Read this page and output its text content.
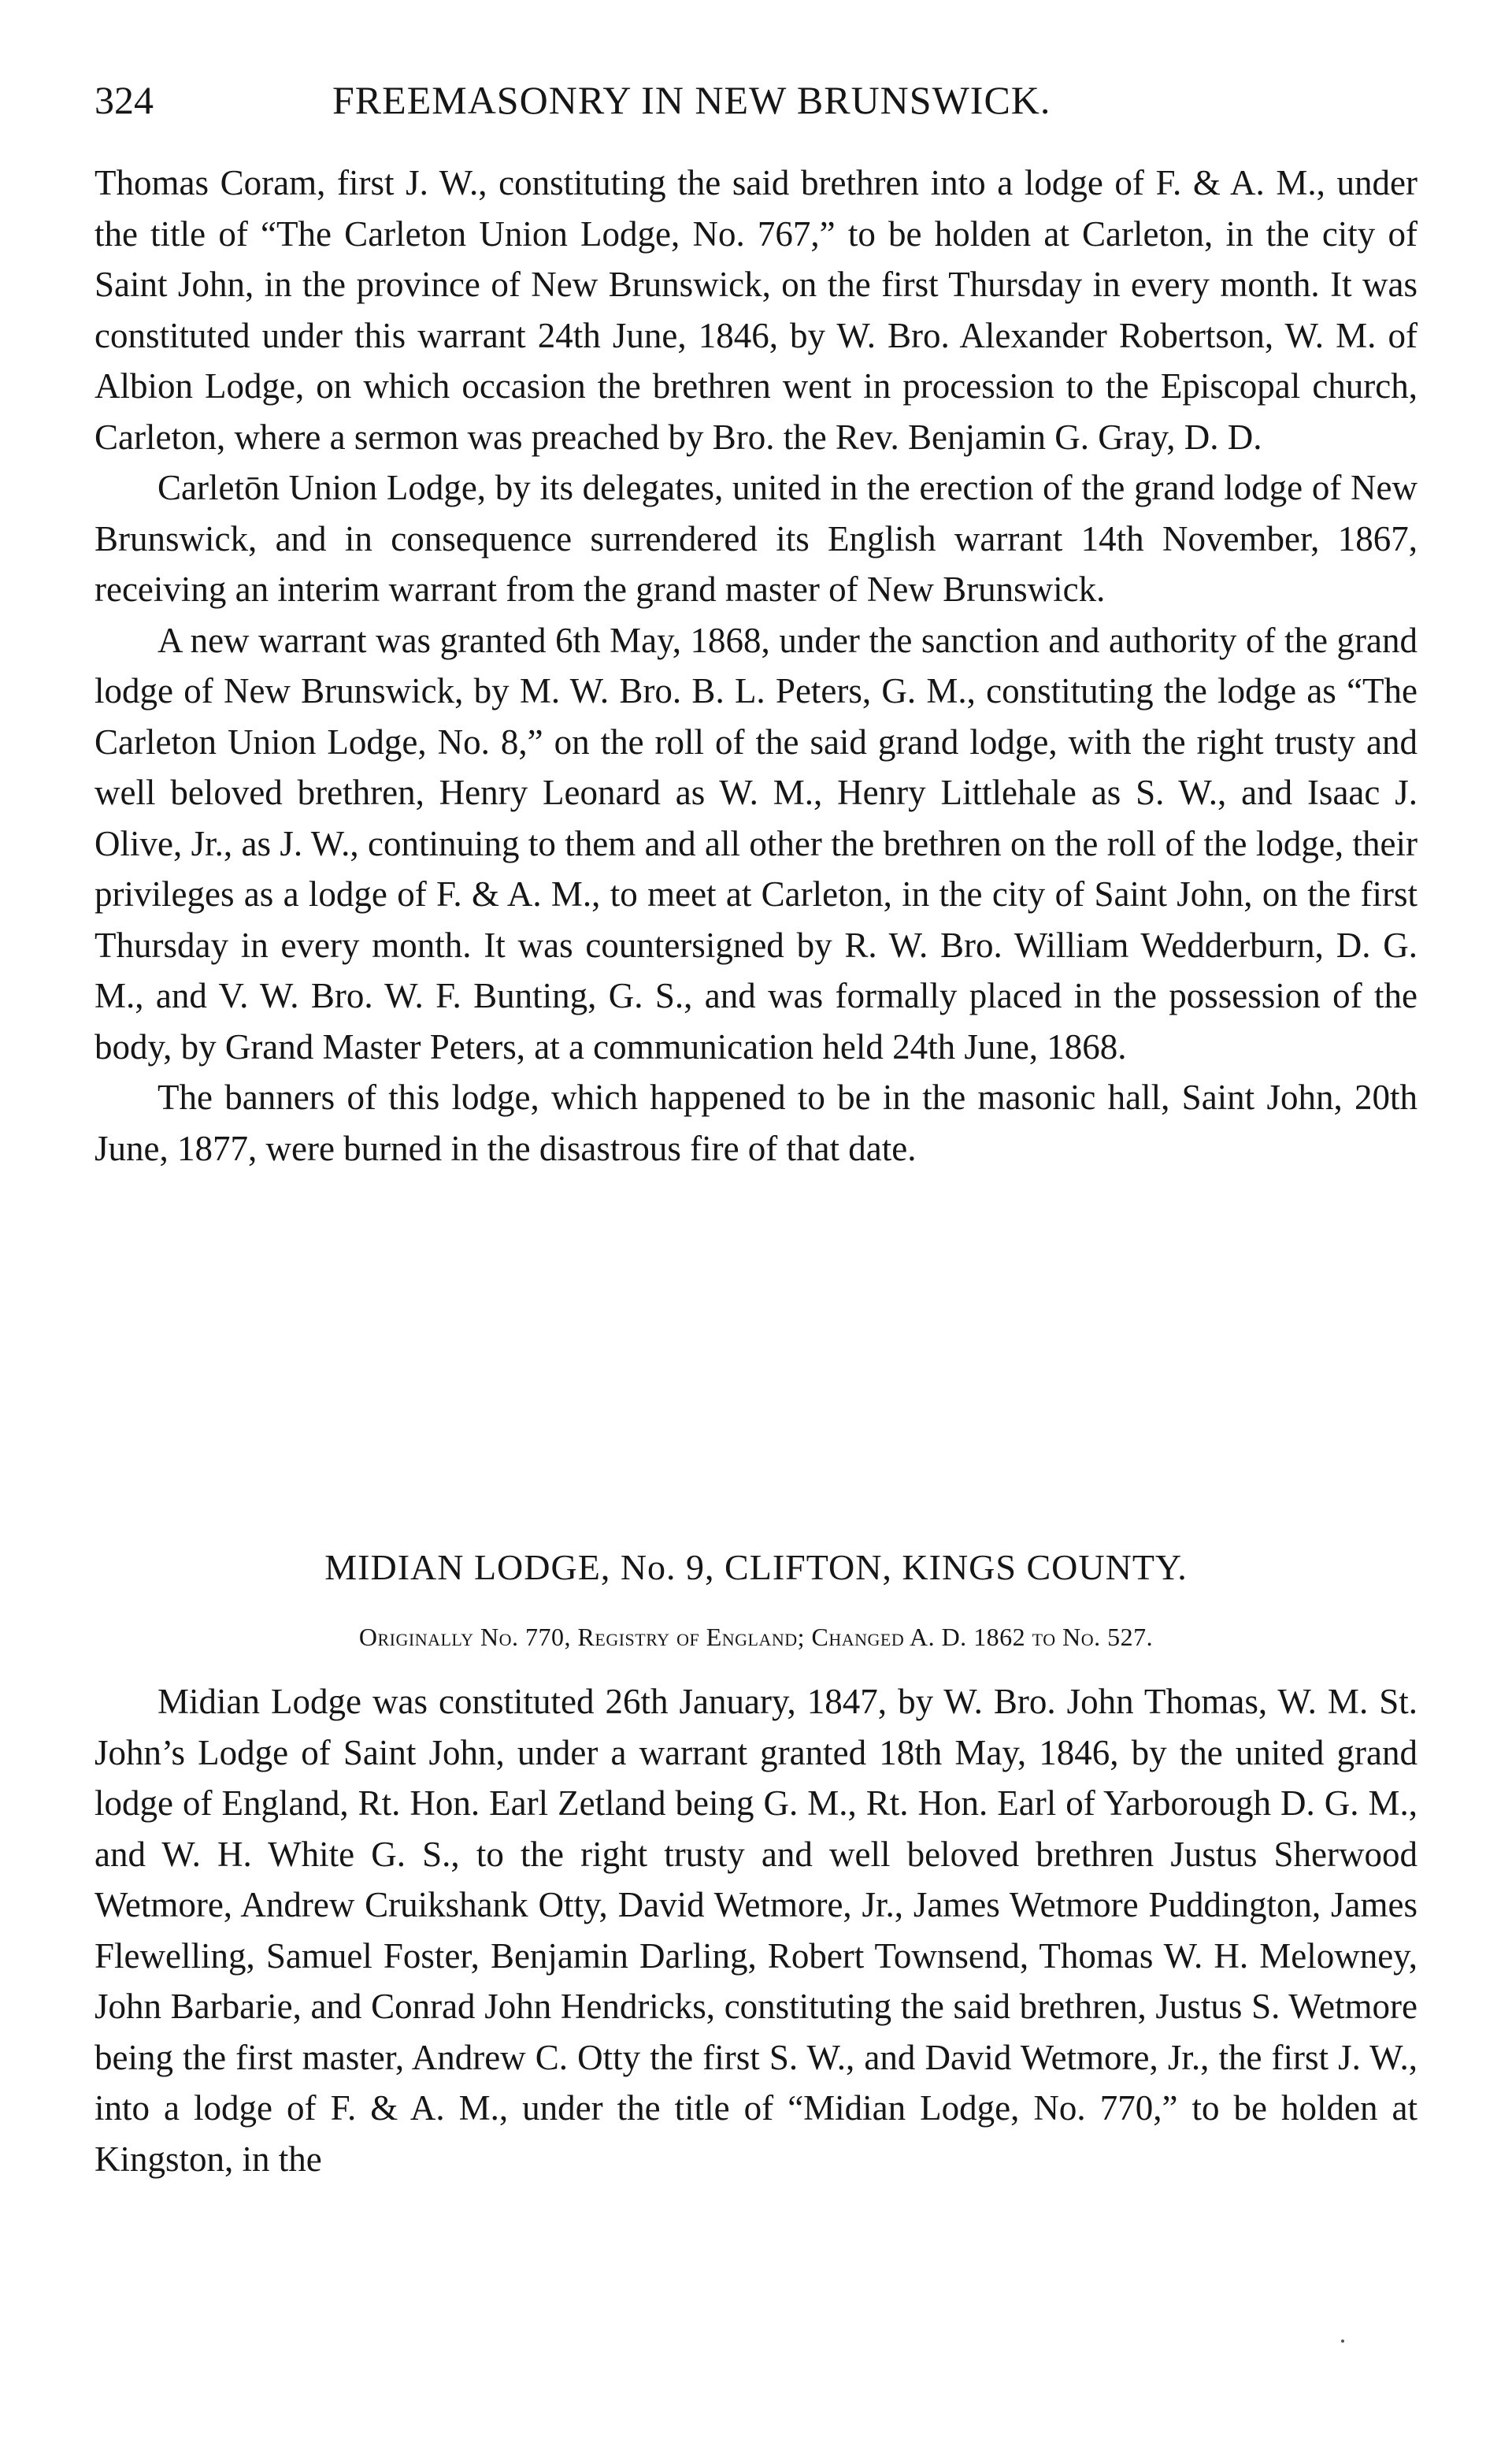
324	FREEMASONRY IN NEW BRUNSWICK.

Thomas Coram, first J. W., constituting the said brethren into a lodge of F. & A. M., under the title of “The Carleton Union Lodge, No. 767,” to be holden at Carleton, in the city of Saint John, in the province of New Brunswick, on the first Thursday in every month. It was constituted under this warrant 24th June, 1846, by W. Bro. Alexander Robertson, W. M. of Albion Lodge, on which occasion the brethren went in procession to the Episcopal church, Carleton, where a sermon was preached by Bro. the Rev. Benjamin G. Gray, D. D.

Carletōn Union Lodge, by its delegates, united in the erection of the grand lodge of New Brunswick, and in consequence surrendered its English warrant 14th November, 1867, receiving an interim warrant from the grand master of New Brunswick.

A new warrant was granted 6th May, 1868, under the sanction and authority of the grand lodge of New Brunswick, by M. W. Bro. B. L. Peters, G. M., constituting the lodge as “The Carleton Union Lodge, No. 8,” on the roll of the said grand lodge, with the right trusty and well beloved brethren, Henry Leonard as W. M., Henry Littlehale as S. W., and Isaac J. Olive, Jr., as J. W., continuing to them and all other the brethren on the roll of the lodge, their privileges as a lodge of F. & A. M., to meet at Carleton, in the city of Saint John, on the first Thursday in every month. It was countersigned by R. W. Bro. William Wedderburn, D. G. M., and V. W. Bro. W. F. Bunting, G. S., and was formally placed in the possession of the body, by Grand Master Peters, at a communication held 24th June, 1868.

The banners of this lodge, which happened to be in the masonic hall, Saint John, 20th June, 1877, were burned in the disastrous fire of that date.

MIDIAN LODGE, No. 9, CLIFTON, KINGS COUNTY.
Originally No. 770, Registry of England; Changed A. D. 1862 to No. 527.

Midian Lodge was constituted 26th January, 1847, by W. Bro. John Thomas, W. M. St. John’s Lodge of Saint John, under a warrant granted 18th May, 1846, by the united grand lodge of England, Rt. Hon. Earl Zetland being G. M., Rt. Hon. Earl of Yarborough D. G. M., and W. H. White G. S., to the right trusty and well beloved brethren Justus Sherwood Wetmore, Andrew Cruikshank Otty, David Wetmore, Jr., James Wetmore Puddington, James Flewelling, Samuel Foster, Benjamin Darling, Robert Townsend, Thomas W. H. Melowney, John Barbarie, and Conrad John Hendricks, constituting the said brethren, Justus S. Wetmore being the first master, Andrew C. Otty the first S. W., and David Wetmore, Jr., the first J. W., into a lodge of F. & A. M., under the title of “Midian Lodge, No. 770,” to be holden at Kingston, in the
